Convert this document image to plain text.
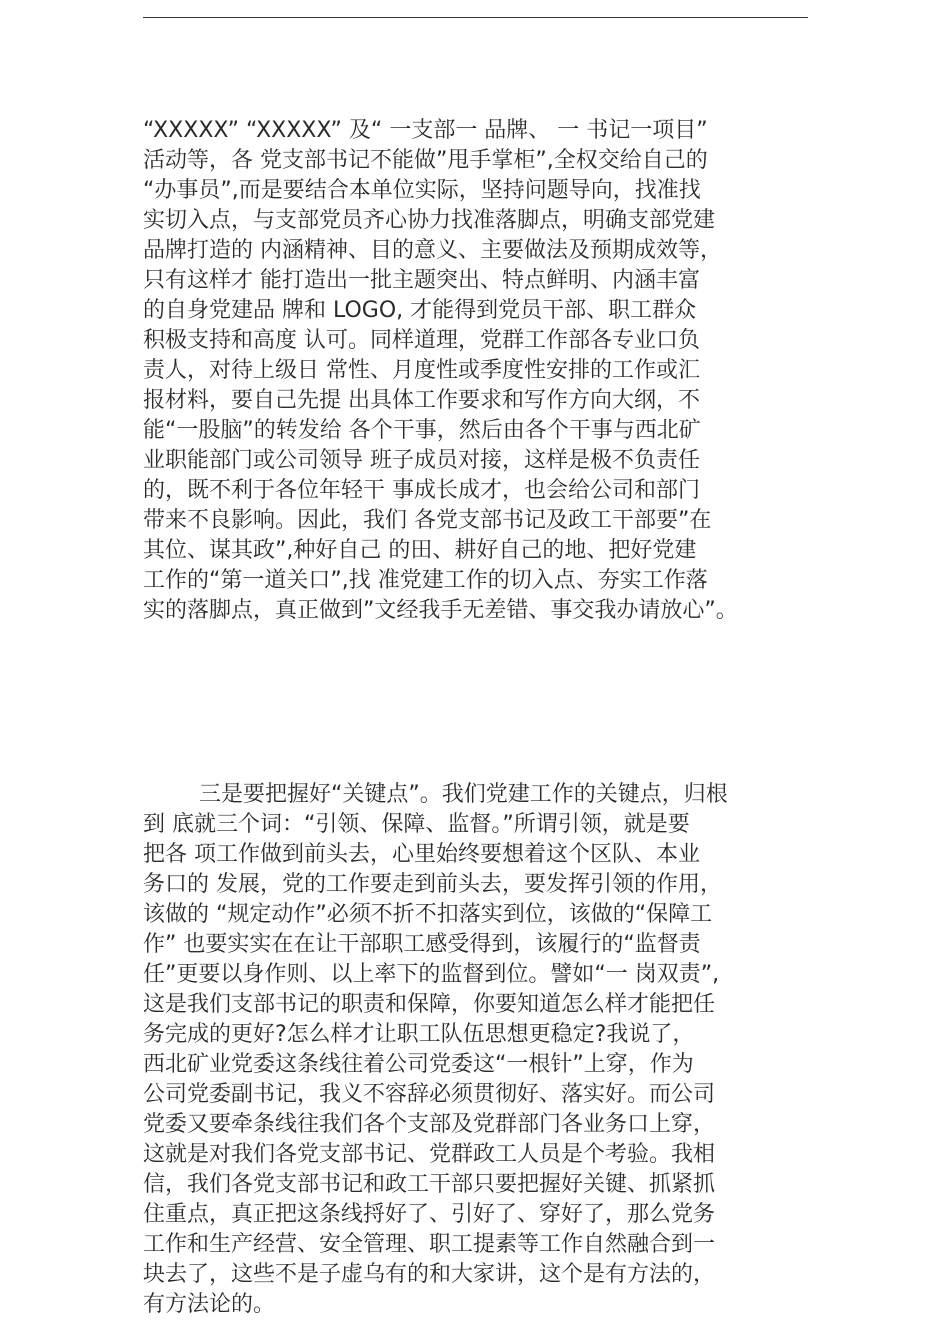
“XXXXX” “XXXXX” 及“ 一支部一 品牌、 一 书记一项目”
活动等，各 党支部书记不能做”甩手掌柜”,全权交给自己的
“办事员”,而是要结合本单位实际，坚持问题导向，找准找
实切入点，与支部党员齐心协力找准落脚点，明确支部党建
品牌打造的 内涵精神、目的意义、主要做法及预期成效等，
只有这样才 能打造出一批主题突出、特点鲜明、内涵丰富
的自身党建品 牌和 LOGO, 才能得到党员干部、职工群众
积极支持和高度 认可。同样道理，党群工作部各专业口负
责人，对待上级日 常性、月度性或季度性安排的工作或汇
报材料，要自己先提 出具体工作要求和写作方向大纲，不
能“一股脑”的转发给 各个干事，然后由各个干事与西北矿
业职能部门或公司领导 班子成员对接，这样是极不负责任
的，既不利于各位年轻干 事成长成才，也会给公司和部门
带来不良影响。因此，我们 各党支部书记及政工干部要”在
其位、谋其政”,种好自己 的田、耕好自己的地、把好党建
工作的“第一道关口”,找 准党建工作的切入点、夯实工作落
实的落脚点，真正做到”文经我手无差错、事交我办请放心”。
三是要把握好“关键点”。我们党建工作的关键点，归根
到 底就三个词：“引领、保障、监督。”所谓引领，就是要
把各 项工作做到前头去，心里始终要想着这个区队、本业
务口的 发展，党的工作要走到前头去，要发挥引领的作用，
该做的 “规定动作”必须不折不扣落实到位，该做的“保障工
作” 也要实实在在让干部职工感受得到，该履行的“监督责
任”更要以身作则、以上率下的监督到位。譬如“一 岗双责”,
这是我们支部书记的职责和保障，你要知道怎么样才能把任
务完成的更好?怎么样才让职工队伍思想更稳定?我说了，
西北矿业党委这条线往着公司党委这“一根针”上穿，作为
公司党委副书记，我义不容辞必须贯彻好、落实好。而公司
党委又要牵条线往我们各个支部及党群部门各业务口上穿，
这就是对我们各党支部书记、党群政工人员是个考验。我相
信，我们各党支部书记和政工干部只要把握好关键、抓紧抓
住重点，真正把这条线捋好了、引好了、穿好了，那么党务
工作和生产经营、安全管理、职工提素等工作自然融合到一
块去了，这些不是子虚乌有的和大家讲，这个是有方法的，
有方法论的。
